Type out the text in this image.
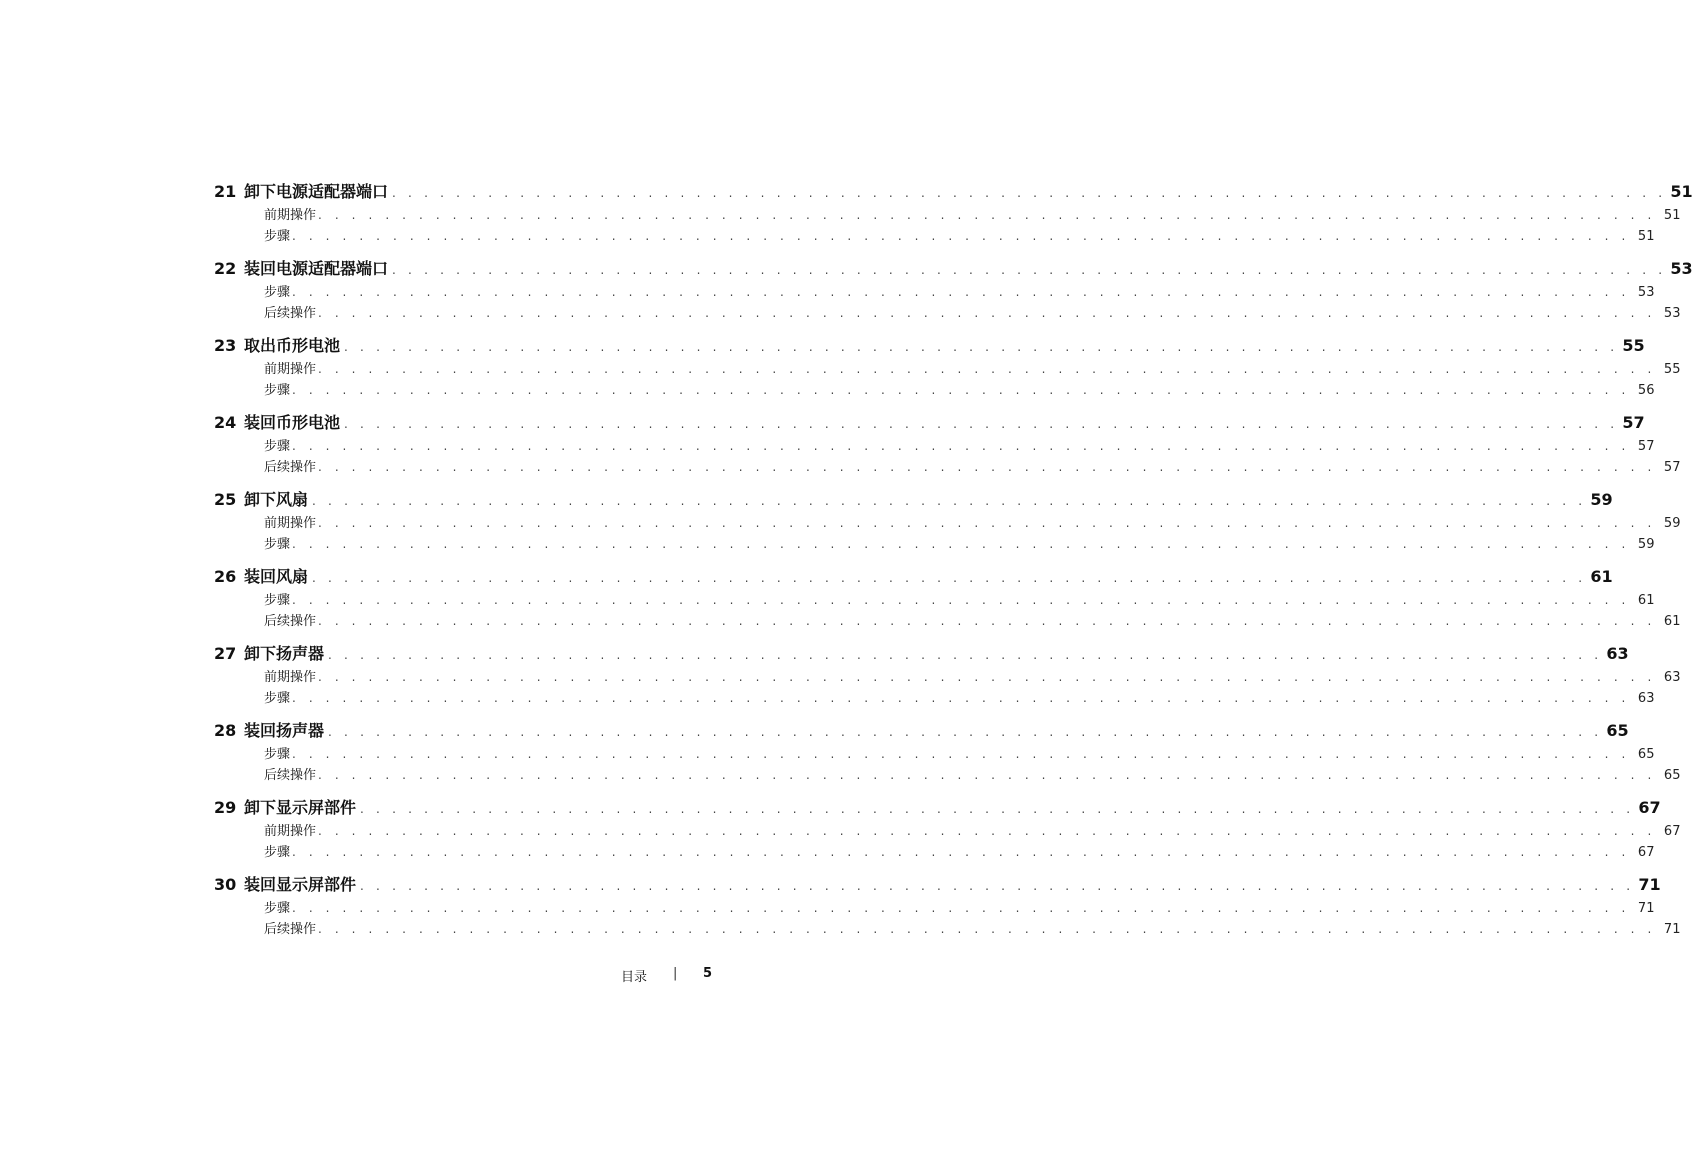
21 卸下电源适配器端口 . . . . . . . . . . . . . . . . . . . . . . . . . . . . . . . . . . . . . . . . . . . . . . . . . . . . . . . . . . . . . . . . . . . . . . . . . . . . . . . . 51
前期操作 . . . . . . . . . . . . . . . . . . . . . . . . . . . . . . . . . . . . . . . . . . . . . . . . . . . . . . . . . . . . . . . . . . . . . . . . . . . . . . . . 51
步骤 . . . . . . . . . . . . . . . . . . . . . . . . . . . . . . . . . . . . . . . . . . . . . . . . . . . . . . . . . . . . . . . . . . . . . . . . . . . . . . . . 51
22 装回电源适配器端口 . . . . . . . . . . . . . . . . . . . . . . . . . . . . . . . . . . . . . . . . . . . . . . . . . . . . . . . . . . . . . . . . . . . . . . . . . . . . . . . . 53
步骤 . . . . . . . . . . . . . . . . . . . . . . . . . . . . . . . . . . . . . . . . . . . . . . . . . . . . . . . . . . . . . . . . . . . . . . . . . . . . . . . . 53
后续操作 . . . . . . . . . . . . . . . . . . . . . . . . . . . . . . . . . . . . . . . . . . . . . . . . . . . . . . . . . . . . . . . . . . . . . . . . . . . . . . . . 53
23 取出币形电池 . . . . . . . . . . . . . . . . . . . . . . . . . . . . . . . . . . . . . . . . . . . . . . . . . . . . . . . . . . . . . . . . . . . . . . . . . . . . . . . . 55
前期操作 . . . . . . . . . . . . . . . . . . . . . . . . . . . . . . . . . . . . . . . . . . . . . . . . . . . . . . . . . . . . . . . . . . . . . . . . . . . . . . . . 55
步骤 . . . . . . . . . . . . . . . . . . . . . . . . . . . . . . . . . . . . . . . . . . . . . . . . . . . . . . . . . . . . . . . . . . . . . . . . . . . . . . . . 56
24 装回币形电池 . . . . . . . . . . . . . . . . . . . . . . . . . . . . . . . . . . . . . . . . . . . . . . . . . . . . . . . . . . . . . . . . . . . . . . . . . . . . . . . . 57
步骤 . . . . . . . . . . . . . . . . . . . . . . . . . . . . . . . . . . . . . . . . . . . . . . . . . . . . . . . . . . . . . . . . . . . . . . . . . . . . . . . . 57
后续操作 . . . . . . . . . . . . . . . . . . . . . . . . . . . . . . . . . . . . . . . . . . . . . . . . . . . . . . . . . . . . . . . . . . . . . . . . . . . . . . . . 57
25 卸下风扇 . . . . . . . . . . . . . . . . . . . . . . . . . . . . . . . . . . . . . . . . . . . . . . . . . . . . . . . . . . . . . . . . . . . . . . . . . . . . . . . . 59
前期操作 . . . . . . . . . . . . . . . . . . . . . . . . . . . . . . . . . . . . . . . . . . . . . . . . . . . . . . . . . . . . . . . . . . . . . . . . . . . . . . . . 59
步骤 . . . . . . . . . . . . . . . . . . . . . . . . . . . . . . . . . . . . . . . . . . . . . . . . . . . . . . . . . . . . . . . . . . . . . . . . . . . . . . . . 59
26 装回风扇 . . . . . . . . . . . . . . . . . . . . . . . . . . . . . . . . . . . . . . . . . . . . . . . . . . . . . . . . . . . . . . . . . . . . . . . . . . . . . . . . 61
步骤 . . . . . . . . . . . . . . . . . . . . . . . . . . . . . . . . . . . . . . . . . . . . . . . . . . . . . . . . . . . . . . . . . . . . . . . . . . . . . . . . 61
后续操作 . . . . . . . . . . . . . . . . . . . . . . . . . . . . . . . . . . . . . . . . . . . . . . . . . . . . . . . . . . . . . . . . . . . . . . . . . . . . . . . . 61
27 卸下扬声器 . . . . . . . . . . . . . . . . . . . . . . . . . . . . . . . . . . . . . . . . . . . . . . . . . . . . . . . . . . . . . . . . . . . . . . . . . . . . . . . . 63
前期操作 . . . . . . . . . . . . . . . . . . . . . . . . . . . . . . . . . . . . . . . . . . . . . . . . . . . . . . . . . . . . . . . . . . . . . . . . . . . . . . . . 63
步骤 . . . . . . . . . . . . . . . . . . . . . . . . . . . . . . . . . . . . . . . . . . . . . . . . . . . . . . . . . . . . . . . . . . . . . . . . . . . . . . . . 63
28 装回扬声器 . . . . . . . . . . . . . . . . . . . . . . . . . . . . . . . . . . . . . . . . . . . . . . . . . . . . . . . . . . . . . . . . . . . . . . . . . . . . . . . . 65
步骤 . . . . . . . . . . . . . . . . . . . . . . . . . . . . . . . . . . . . . . . . . . . . . . . . . . . . . . . . . . . . . . . . . . . . . . . . . . . . . . . . 65
后续操作 . . . . . . . . . . . . . . . . . . . . . . . . . . . . . . . . . . . . . . . . . . . . . . . . . . . . . . . . . . . . . . . . . . . . . . . . . . . . . . . . 65
29 卸下显示屏部件 . . . . . . . . . . . . . . . . . . . . . . . . . . . . . . . . . . . . . . . . . . . . . . . . . . . . . . . . . . . . . . . . . . . . . . . . . . . . . . . . 67
前期操作 . . . . . . . . . . . . . . . . . . . . . . . . . . . . . . . . . . . . . . . . . . . . . . . . . . . . . . . . . . . . . . . . . . . . . . . . . . . . . . . . 67
步骤 . . . . . . . . . . . . . . . . . . . . . . . . . . . . . . . . . . . . . . . . . . . . . . . . . . . . . . . . . . . . . . . . . . . . . . . . . . . . . . . . 67
30 装回显示屏部件 . . . . . . . . . . . . . . . . . . . . . . . . . . . . . . . . . . . . . . . . . . . . . . . . . . . . . . . . . . . . . . . . . . . . . . . . . . . . . . . . 71
步骤 . . . . . . . . . . . . . . . . . . . . . . . . . . . . . . . . . . . . . . . . . . . . . . . . . . . . . . . . . . . . . . . . . . . . . . . . . . . . . . . . 71
后续操作 . . . . . . . . . . . . . . . . . . . . . . . . . . . . . . . . . . . . . . . . . . . . . . . . . . . . . . . . . . . . . . . . . . . . . . . . . . . . . . . . 71
目录 | 5
